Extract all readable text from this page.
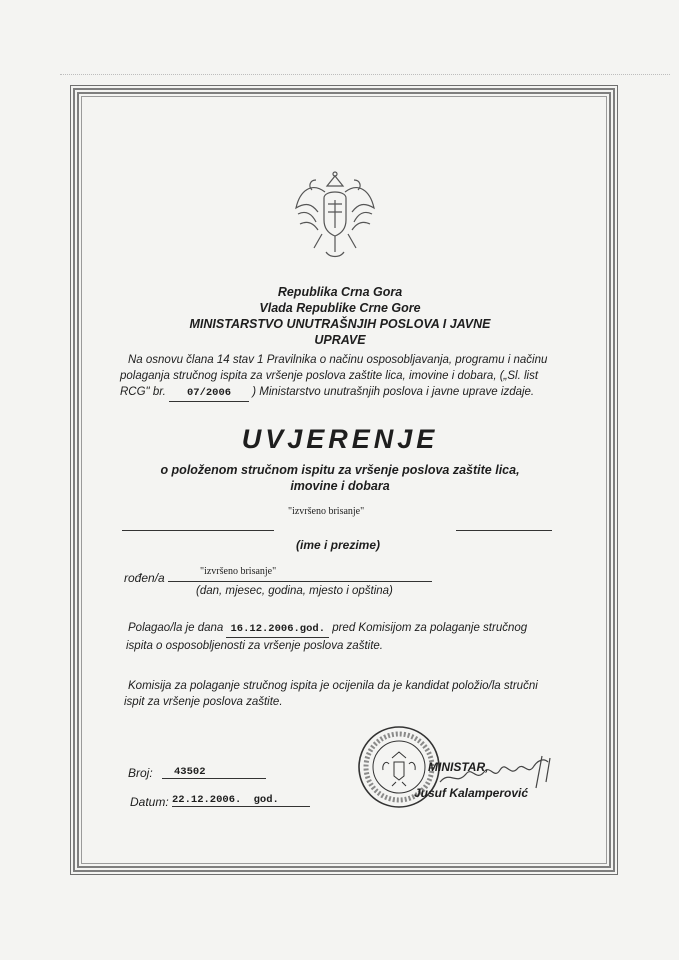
Republika Crna Gora
Vlada Republike Crne Gore
MINISTARSTVO UNUTRAŠNJIH POSLOVA I JAVNE UPRAVE
Na osnovu člana 14 stav 1 Pravilnika o načinu osposobljavanja, programu i načinu
polaganja stručnog ispita za vršenje poslova zaštite lica, imovine i dobara, („Sl. list
RCG" br. 07/2006 ) Ministarstvo unutrašnjih poslova i javne uprave izdaje.
UVJERENJE
o položenom stručnom ispitu za vršenje poslova zaštite lica,
imovine i dobara
"izvršeno brisanje"
(ime i prezime)
rođen/a	"izvršeno brisanje"
(dan, mjesec, godina, mjesto i opština)
Polagao/la je dana 16.12.2006.god. pred Komisijom za polaganje stručnog
ispita o osposobljenosti za vršenje poslova zaštite.
Komisija za polaganje stručnog ispita je ocijenila da je kandidat položio/la stručni
ispit za vršenje poslova zaštite.
Broj:	43502
Datum: 22.12.2006. god.
MINISTAR,
Jusuf Kalamperović
